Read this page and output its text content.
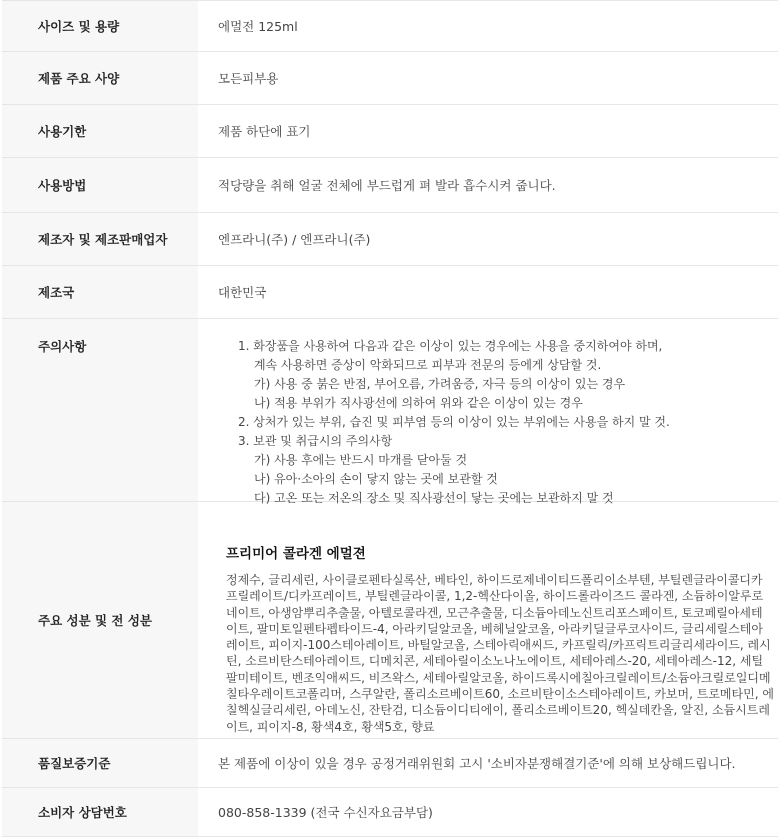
사이즈 및 용량	에멀전 125ml
제품 주요 사양	모든피부용
사용기한	제품 하단에 표기
사용방법	적당량을 취해 얼굴 전체에 부드럽게 펴 발라 흡수시켜 줍니다.
제조자 및 제조판매업자	엔프라니(주) / 엔프라니(주)
제조국	대한민국
주의사항	1. 화장품을 사용하여 다음과 같은 이상이 있는 경우에는 사용을 중지하여야 하며,
계속 사용하면 증상이 악화되므로 피부과 전문의 등에게 상담할 것.
가) 사용 중 붉은 반점, 부어오름, 가려움증, 자극 등의 이상이 있는 경우
나) 적용 부위가 직사광선에 의하여 위와 같은 이상이 있는 경우
2. 상처가 있는 부위, 습진 및 피부염 등의 이상이 있는 부위에는 사용을 하지 말 것.
3. 보관 및 취급시의 주의사항
가) 사용 후에는 반드시 마개를 닫아둘 것
나) 유아·소아의 손이 닿지 않는 곳에 보관할 것
다) 고온 또는 저온의 장소 및 직사광선이 닿는 곳에는 보관하지 말 것
주요 성분 및 전 성분
프리미어 콜라겐 에멀젼
정제수, 글리세린, 사이클로펜타실록산, 베타인, 하이드로제네이티드폴리이소부텐, 부틸렌글라이콜디카프릴레이트/디카프레이트, 부틸렌글라이콜, 1,2-헥산다이올, 하이드롤라이즈드 콜라겐, 소듐하이알루로네이트, 아생암뿌리추출물, 아텔로콜라겐, 모근추출물, 디소듐아데노신트리포스페이트, 토코페릴아세테이트, 팔미토일펜타펩타이드-4, 아라키딜알코올, 베헤닐알코올, 아라키딜글루코사이드, 글리세릴스테아레이트, 피이지-100스테아레이트, 바틸알코올, 스테아릭애씨드, 카프릴릭/카프릭트리글리세라이드, 레시틴, 소르비탄스테아레이트, 디메치콘, 세테아릴이소노나노에이트, 세테아레스-20, 세테아레스-12, 세틸팔미테이트, 벤조익애씨드, 비즈왁스, 세테아릴알코올, 하이드록시에칠아크릴레이트/소듐아크릴로일디메칠타우레이트코폴리머, 스쿠알란, 폴리소르베이트60, 소르비탄이소스테아레이트, 카보머, 트로메타민, 에칠헥실글리세린, 아데노신, 잔탄검, 디소듐이디티에이, 폴리소르베이트20, 헥실데칸올, 알진, 소듐시트레이트, 피이지-8, 황색4호, 황색5호, 향료
품질보증기준	본 제품에 이상이 있을 경우 공정거래위원회 고시 '소비자분쟁해결기준'에 의해 보상해드립니다.
소비자 상담번호	080-858-1339 (전국 수신자요금부담)
